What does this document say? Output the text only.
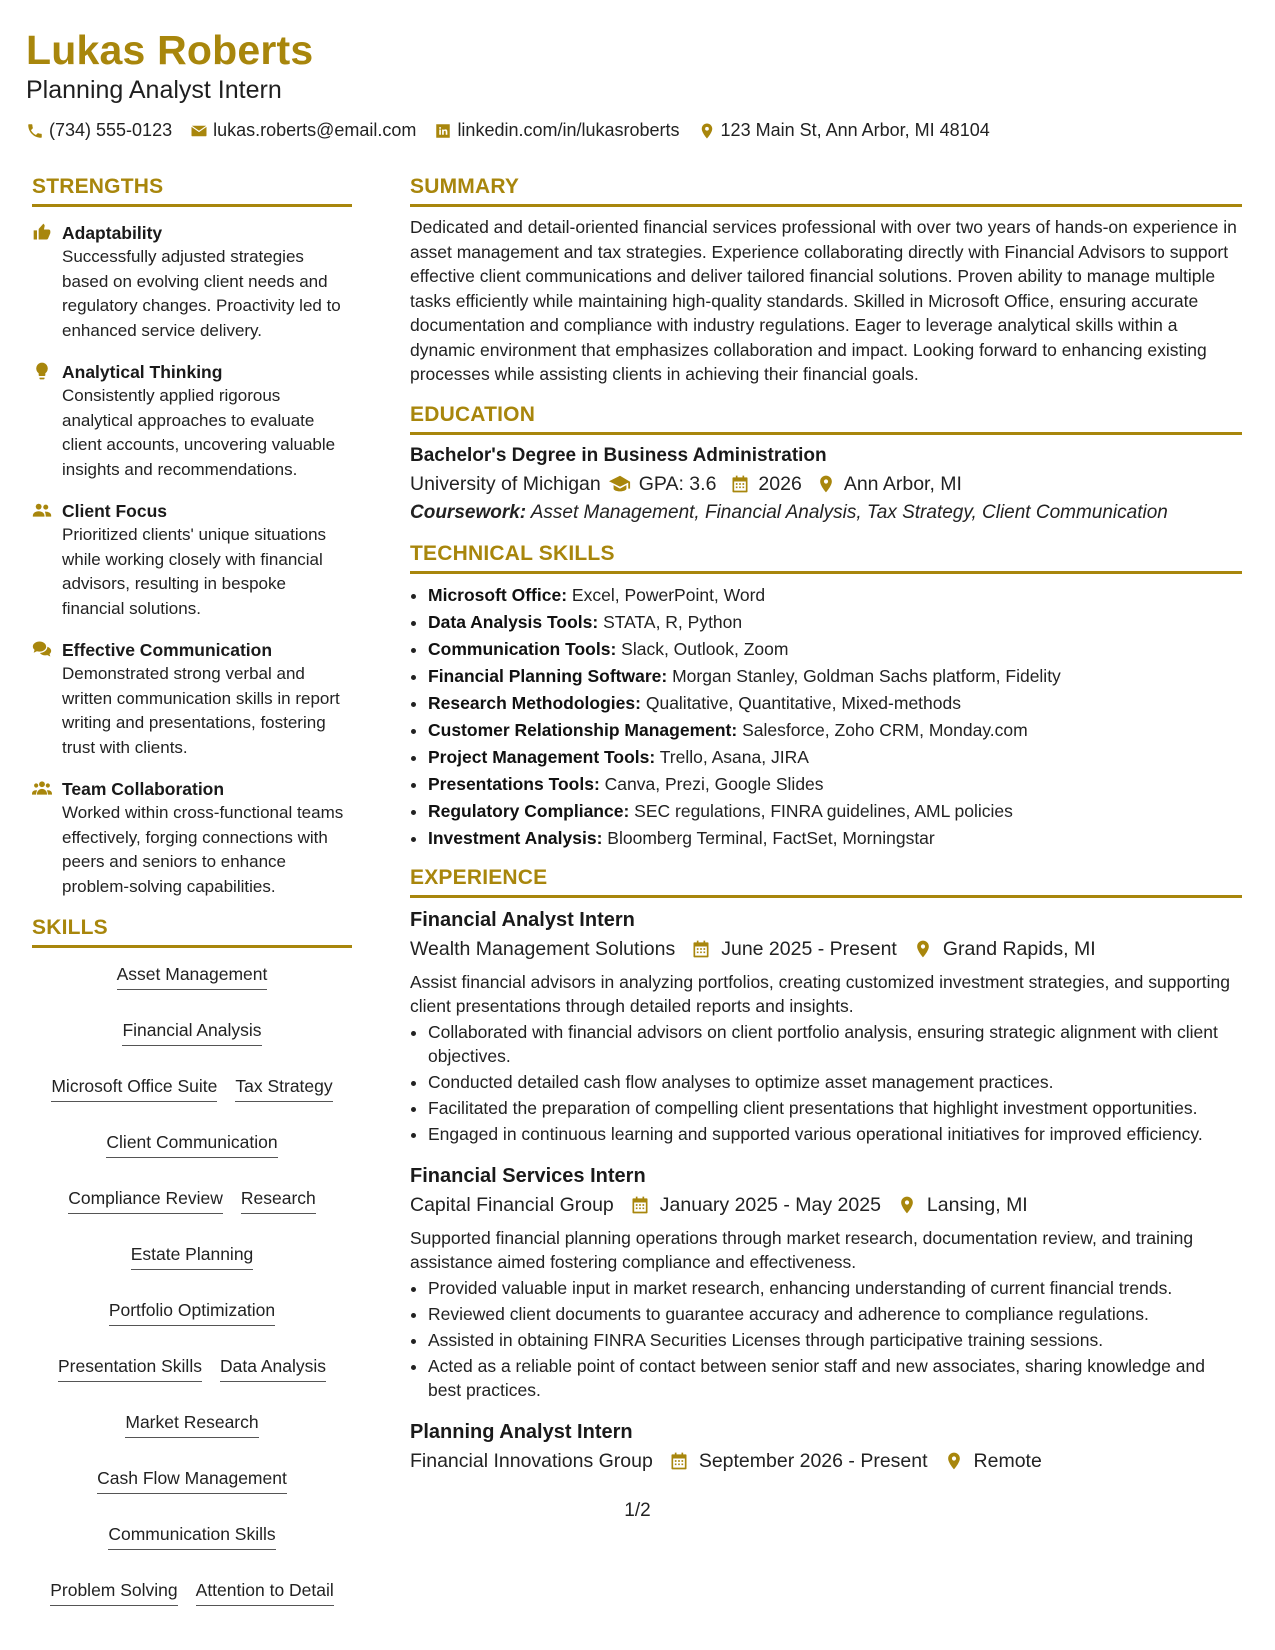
Lukas Roberts
Planning Analyst Intern
(734) 555-0123 lukas.roberts@email.com linkedin.com/in/lukasroberts 123 Main St, Ann Arbor, MI 48104
STRENGTHS
Adaptability
Successfully adjusted strategies based on evolving client needs and regulatory changes. Proactivity led to enhanced service delivery.
Analytical Thinking
Consistently applied rigorous analytical approaches to evaluate client accounts, uncovering valuable insights and recommendations.
Client Focus
Prioritized clients' unique situations while working closely with financial advisors, resulting in bespoke financial solutions.
Effective Communication
Demonstrated strong verbal and written communication skills in report writing and presentations, fostering trust with clients.
Team Collaboration
Worked within cross-functional teams effectively, forging connections with peers and seniors to enhance problem-solving capabilities.
SKILLS
Asset Management
Financial Analysis
Microsoft Office Suite Tax Strategy
Client Communication
Compliance Review Research
Estate Planning
Portfolio Optimization
Presentation Skills Data Analysis
Market Research
Cash Flow Management
Communication Skills
Problem Solving Attention to Detail
SUMMARY
Dedicated and detail-oriented financial services professional with over two years of hands-on experience in asset management and tax strategies. Experience collaborating directly with Financial Advisors to support effective client communications and deliver tailored financial solutions. Proven ability to manage multiple tasks efficiently while maintaining high-quality standards. Skilled in Microsoft Office, ensuring accurate documentation and compliance with industry regulations. Eager to leverage analytical skills within a dynamic environment that emphasizes collaboration and impact. Looking forward to enhancing existing processes while assisting clients in achieving their financial goals.
EDUCATION
Bachelor's Degree in Business Administration
University of Michigan GPA: 3.6 2026 Ann Arbor, MI
Coursework: Asset Management, Financial Analysis, Tax Strategy, Client Communication
TECHNICAL SKILLS
• Microsoft Office: Excel, PowerPoint, Word
• Data Analysis Tools: STATA, R, Python
• Communication Tools: Slack, Outlook, Zoom
• Financial Planning Software: Morgan Stanley, Goldman Sachs platform, Fidelity
• Research Methodologies: Qualitative, Quantitative, Mixed-methods
• Customer Relationship Management: Salesforce, Zoho CRM, Monday.com
• Project Management Tools: Trello, Asana, JIRA
• Presentations Tools: Canva, Prezi, Google Slides
• Regulatory Compliance: SEC regulations, FINRA guidelines, AML policies
• Investment Analysis: Bloomberg Terminal, FactSet, Morningstar
EXPERIENCE
Financial Analyst Intern
Wealth Management Solutions June 2025 - Present Grand Rapids, MI
Assist financial advisors in analyzing portfolios, creating customized investment strategies, and supporting client presentations through detailed reports and insights.
• Collaborated with financial advisors on client portfolio analysis, ensuring strategic alignment with client objectives.
• Conducted detailed cash flow analyses to optimize asset management practices.
• Facilitated the preparation of compelling client presentations that highlight investment opportunities.
• Engaged in continuous learning and supported various operational initiatives for improved efficiency.
Financial Services Intern
Capital Financial Group January 2025 - May 2025 Lansing, MI
Supported financial planning operations through market research, documentation review, and training assistance aimed fostering compliance and effectiveness.
• Provided valuable input in market research, enhancing understanding of current financial trends.
• Reviewed client documents to guarantee accuracy and adherence to compliance regulations.
• Assisted in obtaining FINRA Securities Licenses through participative training sessions.
• Acted as a reliable point of contact between senior staff and new associates, sharing knowledge and best practices.
Planning Analyst Intern
Financial Innovations Group September 2026 - Present Remote
1/2
